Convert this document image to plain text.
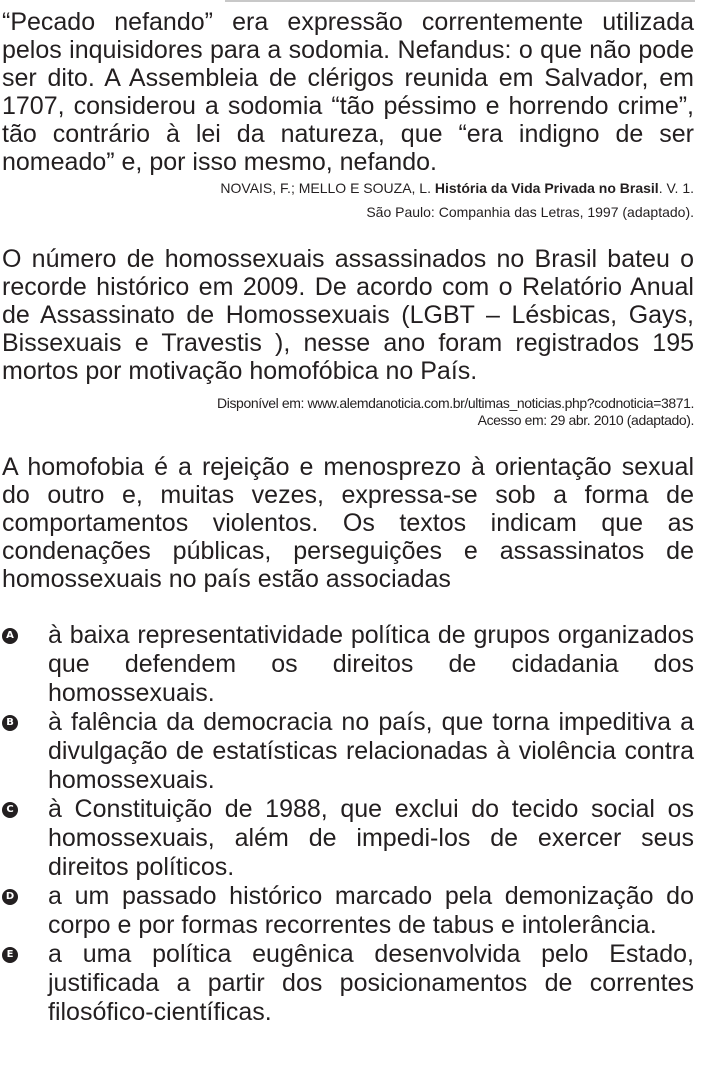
“Pecado nefando” era expressão correntemente utilizada pelos inquisidores para a sodomia. Nefandus: o que não pode ser dito. A Assembleia de clérigos reunida em Salvador, em 1707, considerou a sodomia “tão péssimo e horrendo crime”, tão contrário à lei da natureza, que “era indigno de ser nomeado” e, por isso mesmo, nefando.

NOVAIS, F.; MELLO E SOUZA, L. História da Vida Privada no Brasil. V. 1.

São Paulo: Companhia das Letras, 1997 (adaptado).

O número de homossexuais assassinados no Brasil bateu o recorde histórico em 2009. De acordo com o Relatório Anual de Assassinato de Homossexuais (LGBT – Lésbicas, Gays, Bissexuais e Travestis ), nesse ano foram registrados 195 mortos por motivação homofóbica no País.

Disponível em: www.alemdanoticia.com.br/ultimas_noticias.php?codnoticia=3871.

Acesso em: 29 abr. 2010 (adaptado).

A homofobia é a rejeição e menosprezo à orientação sexual do outro e, muitas vezes, expressa-se sob a forma de comportamentos violentos. Os textos indicam que as condenações públicas, perseguições e assassinatos de homossexuais no país estão associadas

A à baixa representatividade política de grupos organizados que defendem os direitos de cidadania dos homossexuais.
B à falência da democracia no país, que torna impeditiva a divulgação de estatísticas relacionadas à violência contra homossexuais.
C à Constituição de 1988, que exclui do tecido social os homossexuais, além de impedi-los de exercer seus direitos políticos.
D a um passado histórico marcado pela demonização do corpo e por formas recorrentes de tabus e intolerância.
E a uma política eugênica desenvolvida pelo Estado, justificada a partir dos posicionamentos de correntes filosófico-científicas.
